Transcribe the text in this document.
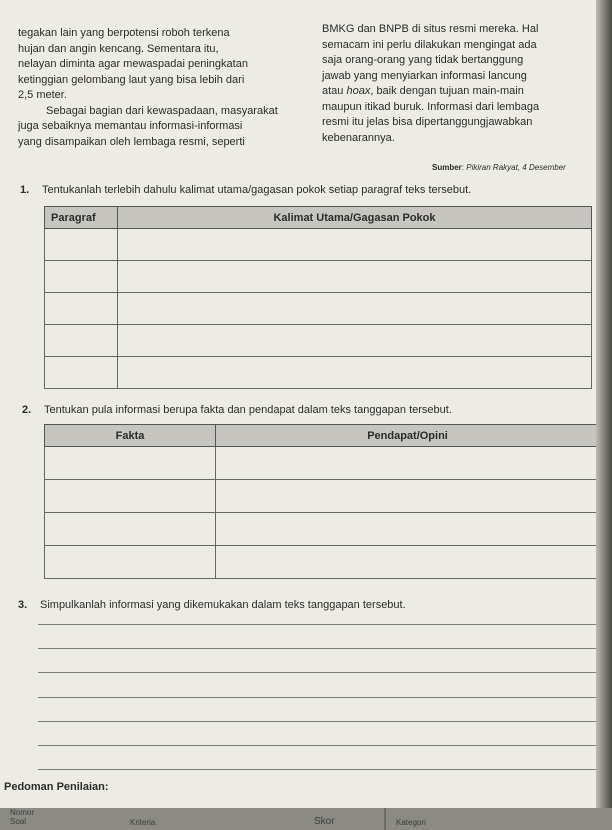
tegakan lain yang berpotensi roboh terkena
hujan dan angin kencang. Sementara itu,
nelayan diminta agar mewaspadai peningkatan
ketinggian gelombang laut yang bisa lebih dari
2,5 meter.
Sebagai bagian dari kewaspadaan, masyarakat
juga sebaiknya memantau informasi-informasi
yang disampaikan oleh lembaga resmi, seperti
BMKG dan BNPB di situs resmi mereka. Hal
semacam ini perlu dilakukan mengingat ada
saja orang-orang yang tidak bertanggung
jawab yang menyiarkan informasi lancung
atau hoax, baik dengan tujuan main-main
maupun itikad buruk. Informasi dari lembaga
resmi itu jelas bisa dipertanggungjawabkan
kebenarannya.
Sumber: Pikiran Rakyat, 4 Desember
1. Tentukanlah terlebih dahulu kalimat utama/gagasan pokok setiap paragraf teks tersebut.
Paragraf	Kalimat Utama/Gagasan Pokok

2. Tentukan pula informasi berupa fakta dan pendapat dalam teks tanggapan tersebut.
Fakta	Pendapat/Opini

3. Simpulkanlah informasi yang dikemukakan dalam teks tanggapan tersebut.
Pedoman Penilaian:
Nomor
Soal	Kriteria	Skor	Kategori
